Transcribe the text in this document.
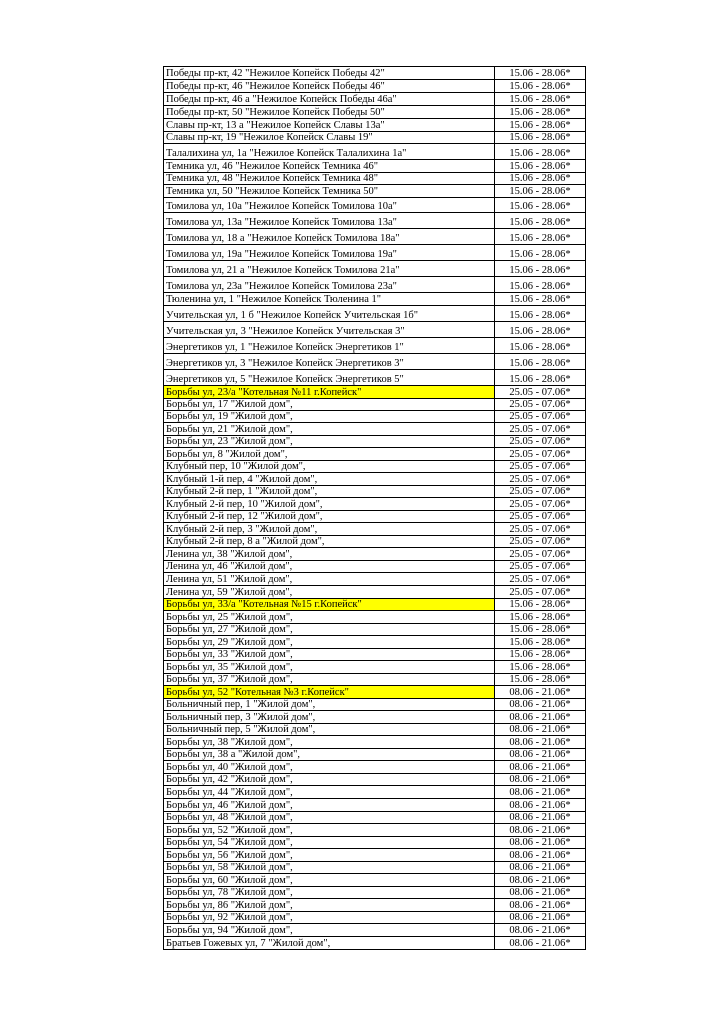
Победы пр-кт, 42 "Нежилое Копейск Победы 42"	15.06 - 28.06*
Победы пр-кт, 46 "Нежилое Копейск Победы 46"	15.06 - 28.06*
Победы пр-кт, 46 а "Нежилое Копейск Победы 46а"	15.06 - 28.06*
Победы пр-кт, 50 "Нежилое Копейск Победы 50"	15.06 - 28.06*
Славы пр-кт, 13 а "Нежилое Копейск Славы 13а"	15.06 - 28.06*
Славы пр-кт, 19 "Нежилое Копейск Славы 19"	15.06 - 28.06*
Талалихина ул, 1а "Нежилое Копейск Талалихина 1а"	15.06 - 28.06*
Темника ул, 46 "Нежилое Копейск Темника 46"	15.06 - 28.06*
Темника ул, 48 "Нежилое Копейск Темника 48"	15.06 - 28.06*
Темника ул, 50 "Нежилое Копейск Темника 50"	15.06 - 28.06*
Томилова ул, 10а "Нежилое Копейск Томилова 10а"	15.06 - 28.06*
Томилова ул, 13а "Нежилое Копейск Томилова 13а"	15.06 - 28.06*
Томилова ул, 18 а "Нежилое Копейск Томилова 18а"	15.06 - 28.06*
Томилова ул, 19а "Нежилое Копейск Томилова 19а"	15.06 - 28.06*
Томилова ул, 21 а "Нежилое Копейск Томилова 21а"	15.06 - 28.06*
Томилова ул, 23а "Нежилое Копейск Томилова 23а"	15.06 - 28.06*
Тюленина ул, 1 "Нежилое Копейск Тюленина 1"	15.06 - 28.06*
Учительская ул, 1 б "Нежилое Копейск Учительская 1б"	15.06 - 28.06*
Учительская ул, 3 "Нежилое Копейск Учительская 3"	15.06 - 28.06*
Энергетиков ул, 1 "Нежилое Копейск Энергетиков 1"	15.06 - 28.06*
Энергетиков ул, 3 "Нежилое Копейск Энергетиков 3"	15.06 - 28.06*
Энергетиков ул, 5 "Нежилое Копейск Энергетиков 5"	15.06 - 28.06*
Борьбы ул, 23/а "Котельная №11 г.Копейск"	25.05 - 07.06*
Борьбы ул, 17 "Жилой дом",	25.05 - 07.06*
Борьбы ул, 19 "Жилой дом",	25.05 - 07.06*
Борьбы ул, 21 "Жилой дом",	25.05 - 07.06*
Борьбы ул, 23 "Жилой дом",	25.05 - 07.06*
Борьбы ул, 8 "Жилой дом",	25.05 - 07.06*
Клубный пер, 10 "Жилой дом",	25.05 - 07.06*
Клубный 1-й пер, 4 "Жилой дом",	25.05 - 07.06*
Клубный 2-й пер, 1 "Жилой дом",	25.05 - 07.06*
Клубный 2-й пер, 10 "Жилой дом",	25.05 - 07.06*
Клубный 2-й пер, 12 "Жилой дом",	25.05 - 07.06*
Клубный 2-й пер, 3 "Жилой дом",	25.05 - 07.06*
Клубный 2-й пер, 8 а "Жилой дом",	25.05 - 07.06*
Ленина ул, 38 "Жилой дом",	25.05 - 07.06*
Ленина ул, 46 "Жилой дом",	25.05 - 07.06*
Ленина ул, 51 "Жилой дом",	25.05 - 07.06*
Ленина ул, 59 "Жилой дом",	25.05 - 07.06*
Борьбы ул, 33/а "Котельная №15 г.Копейск"	15.06 - 28.06*
Борьбы ул, 25 "Жилой дом",	15.06 - 28.06*
Борьбы ул, 27 "Жилой дом",	15.06 - 28.06*
Борьбы ул, 29 "Жилой дом",	15.06 - 28.06*
Борьбы ул, 33 "Жилой дом",	15.06 - 28.06*
Борьбы ул, 35 "Жилой дом",	15.06 - 28.06*
Борьбы ул, 37 "Жилой дом",	15.06 - 28.06*
Борьбы ул, 52 "Котельная №3 г.Копейск"	08.06 - 21.06*
Больничный пер, 1 "Жилой дом",	08.06 - 21.06*
Больничный пер, 3 "Жилой дом",	08.06 - 21.06*
Больничный пер, 5 "Жилой дом",	08.06 - 21.06*
Борьбы ул, 38 "Жилой дом",	08.06 - 21.06*
Борьбы ул, 38 а "Жилой дом",	08.06 - 21.06*
Борьбы ул, 40 "Жилой дом",	08.06 - 21.06*
Борьбы ул, 42 "Жилой дом",	08.06 - 21.06*
Борьбы ул, 44 "Жилой дом",	08.06 - 21.06*
Борьбы ул, 46 "Жилой дом",	08.06 - 21.06*
Борьбы ул, 48 "Жилой дом",	08.06 - 21.06*
Борьбы ул, 52 "Жилой дом",	08.06 - 21.06*
Борьбы ул, 54 "Жилой дом",	08.06 - 21.06*
Борьбы ул, 56 "Жилой дом",	08.06 - 21.06*
Борьбы ул, 58 "Жилой дом",	08.06 - 21.06*
Борьбы ул, 60 "Жилой дом",	08.06 - 21.06*
Борьбы ул, 78 "Жилой дом",	08.06 - 21.06*
Борьбы ул, 86 "Жилой дом",	08.06 - 21.06*
Борьбы ул, 92 "Жилой дом",	08.06 - 21.06*
Борьбы ул, 94 "Жилой дом",	08.06 - 21.06*
Братьев Гожевых ул, 7 "Жилой дом",	08.06 - 21.06*
